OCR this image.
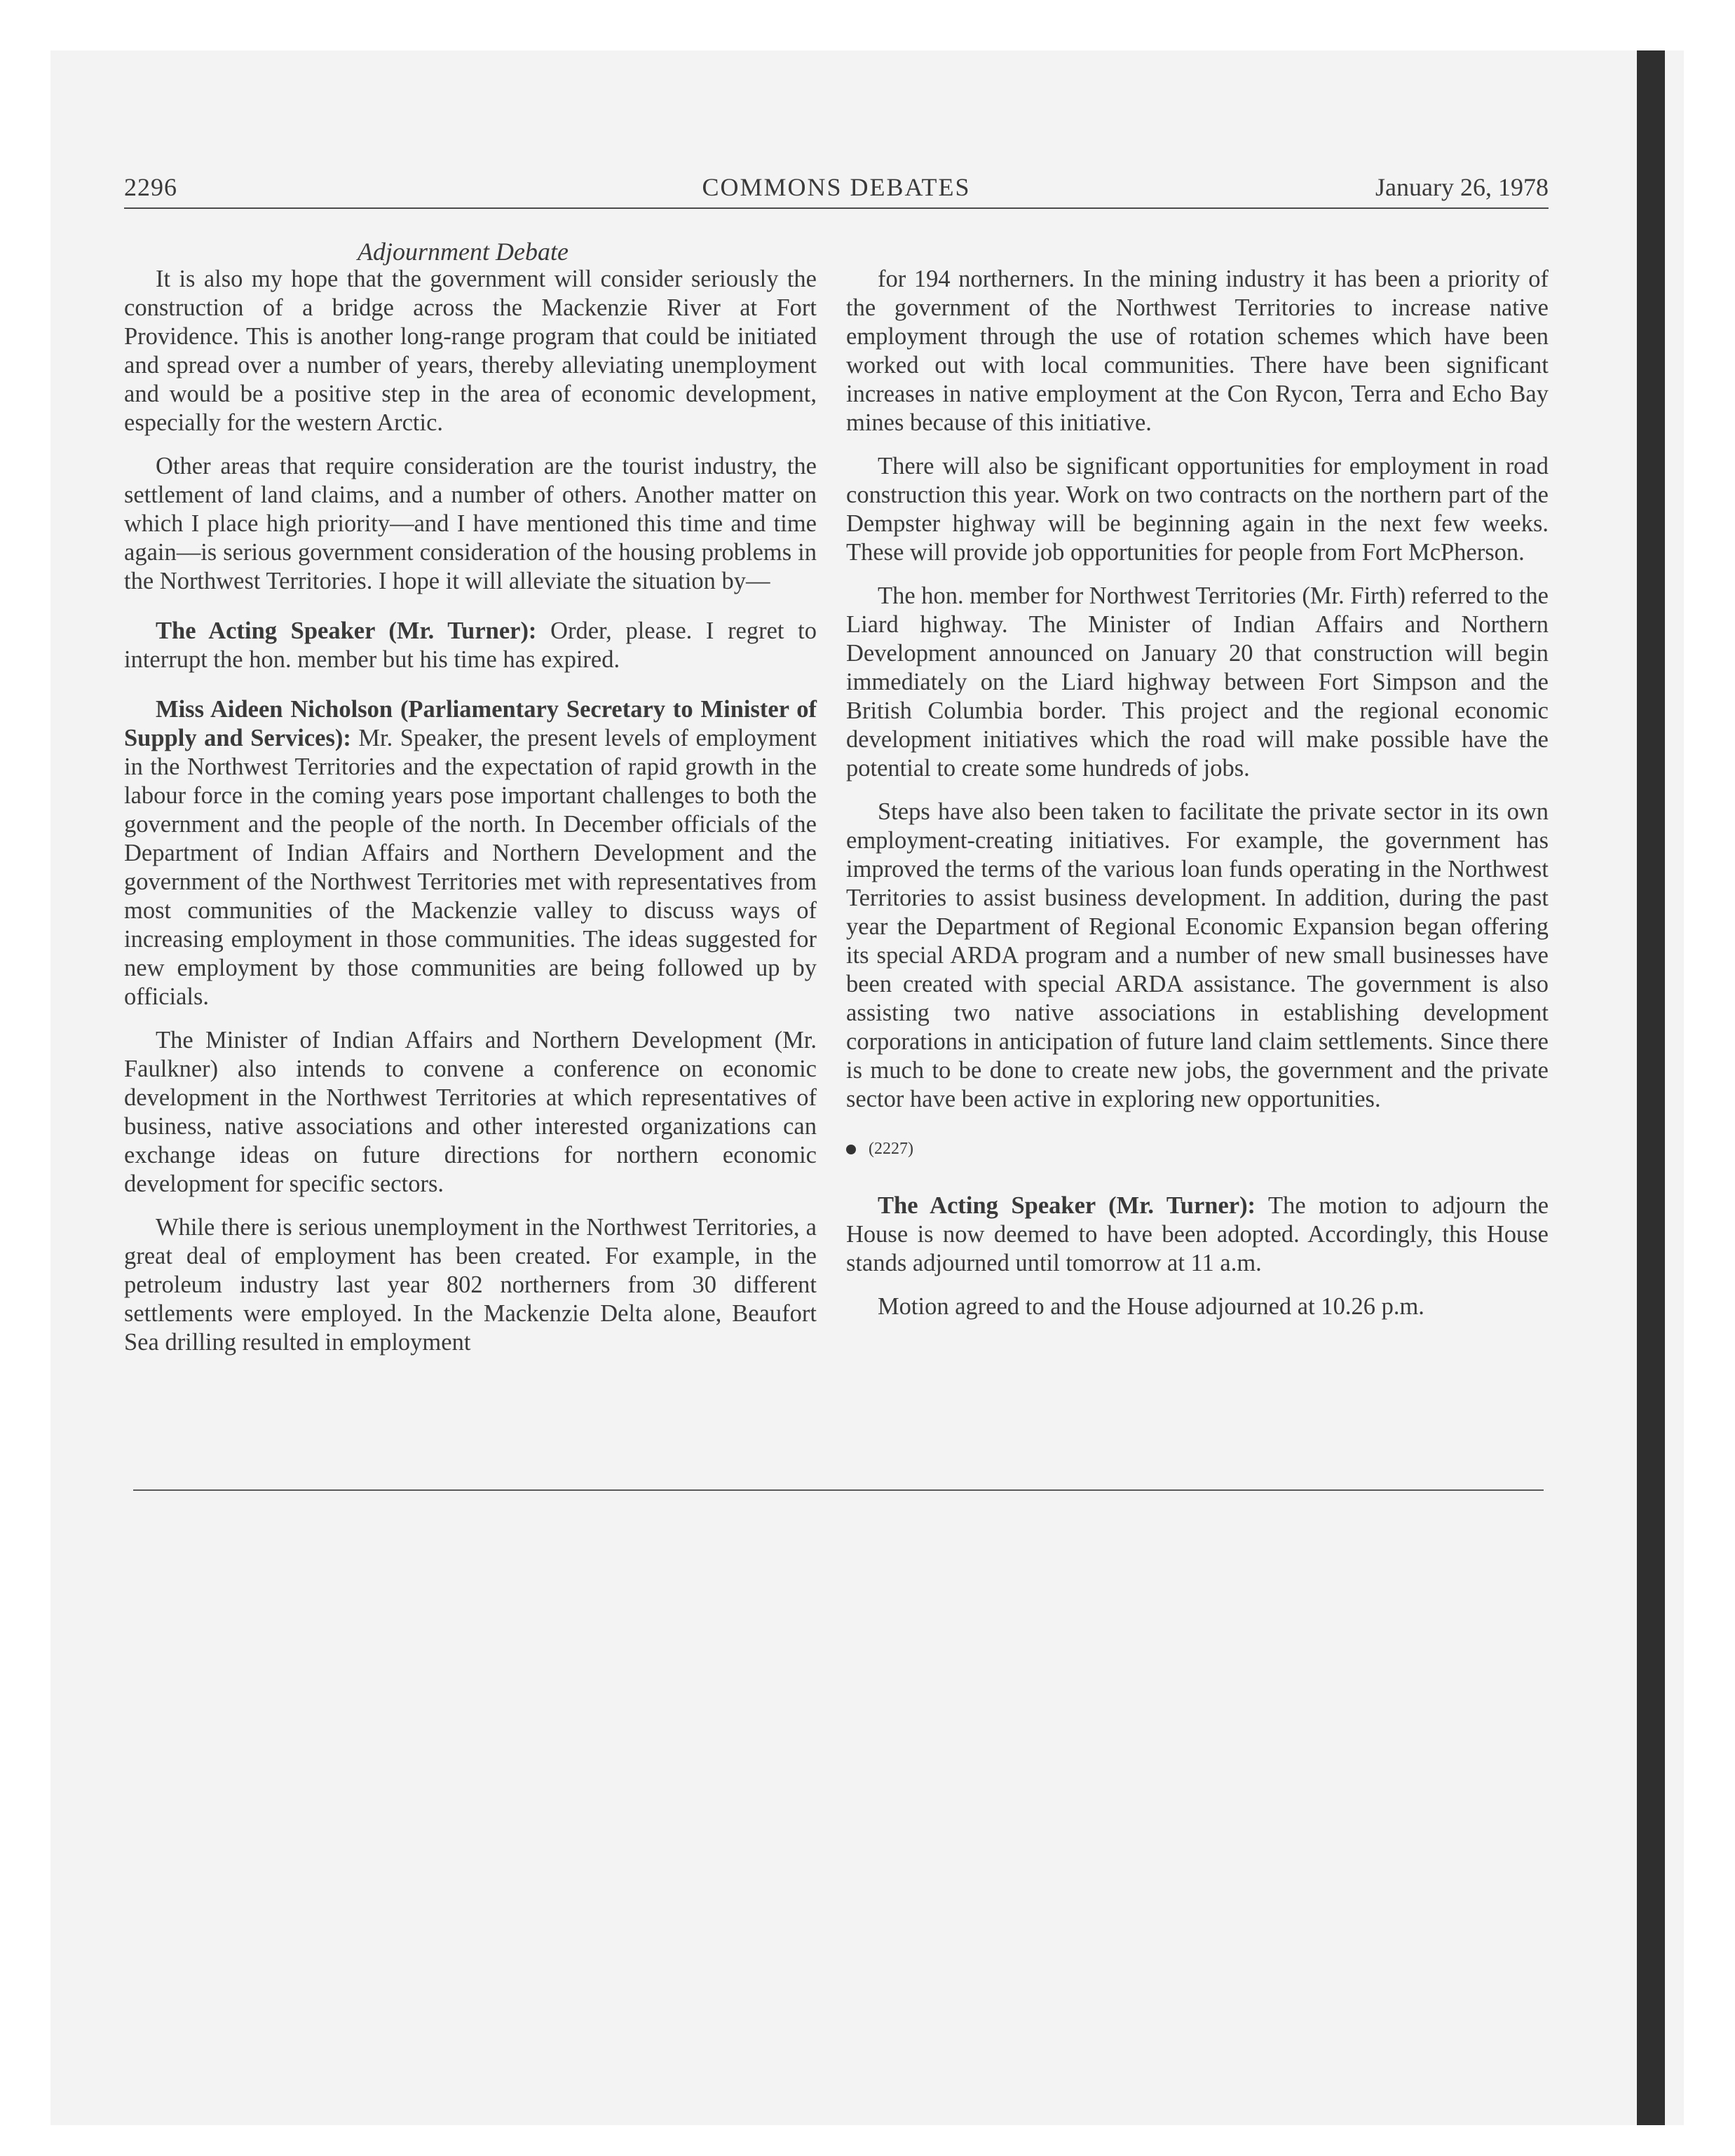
2296	COMMONS DEBATES	January 26, 1978
Adjournment Debate

It is also my hope that the government will consider seriously the construction of a bridge across the Mackenzie River at Fort Providence. This is another long-range program that could be initiated and spread over a number of years, thereby alleviating unemployment and would be a positive step in the area of economic development, especially for the western Arctic.

Other areas that require consideration are the tourist industry, the settlement of land claims, and a number of others. Another matter on which I place high priority—and I have mentioned this time and time again—is serious government consideration of the housing problems in the Northwest Territories. I hope it will alleviate the situation by—

The Acting Speaker (Mr. Turner): Order, please. I regret to interrupt the hon. member but his time has expired.

Miss Aideen Nicholson (Parliamentary Secretary to Minister of Supply and Services): Mr. Speaker, the present levels of employment in the Northwest Territories and the expectation of rapid growth in the labour force in the coming years pose important challenges to both the government and the people of the north. In December officials of the Department of Indian Affairs and Northern Development and the government of the Northwest Territories met with representatives from most communities of the Mackenzie valley to discuss ways of increasing employment in those communities. The ideas suggested for new employment by those communities are being followed up by officials.

The Minister of Indian Affairs and Northern Development (Mr. Faulkner) also intends to convene a conference on economic development in the Northwest Territories at which representatives of business, native associations and other interested organizations can exchange ideas on future directions for northern economic development for specific sectors.

While there is serious unemployment in the Northwest Territories, a great deal of employment has been created. For example, in the petroleum industry last year 802 northerners from 30 different settlements were employed. In the Mackenzie Delta alone, Beaufort Sea drilling resulted in employment

for 194 northerners. In the mining industry it has been a priority of the government of the Northwest Territories to increase native employment through the use of rotation schemes which have been worked out with local communities. There have been significant increases in native employment at the Con Rycon, Terra and Echo Bay mines because of this initiative.

There will also be significant opportunities for employment in road construction this year. Work on two contracts on the northern part of the Dempster highway will be beginning again in the next few weeks. These will provide job opportunities for people from Fort McPherson.

The hon. member for Northwest Territories (Mr. Firth) referred to the Liard highway. The Minister of Indian Affairs and Northern Development announced on January 20 that construction will begin immediately on the Liard highway between Fort Simpson and the British Columbia border. This project and the regional economic development initiatives which the road will make possible have the potential to create some hundreds of jobs.

Steps have also been taken to facilitate the private sector in its own employment-creating initiatives. For example, the government has improved the terms of the various loan funds operating in the Northwest Territories to assist business development. In addition, during the past year the Department of Regional Economic Expansion began offering its special ARDA program and a number of new small businesses have been created with special ARDA assistance. The government is also assisting two native associations in establishing development corporations in anticipation of future land claim settlements. Since there is much to be done to create new jobs, the government and the private sector have been active in exploring new opportunities.

(2227)

The Acting Speaker (Mr. Turner): The motion to adjourn the House is now deemed to have been adopted. Accordingly, this House stands adjourned until tomorrow at 11 a.m.

Motion agreed to and the House adjourned at 10.26 p.m.
